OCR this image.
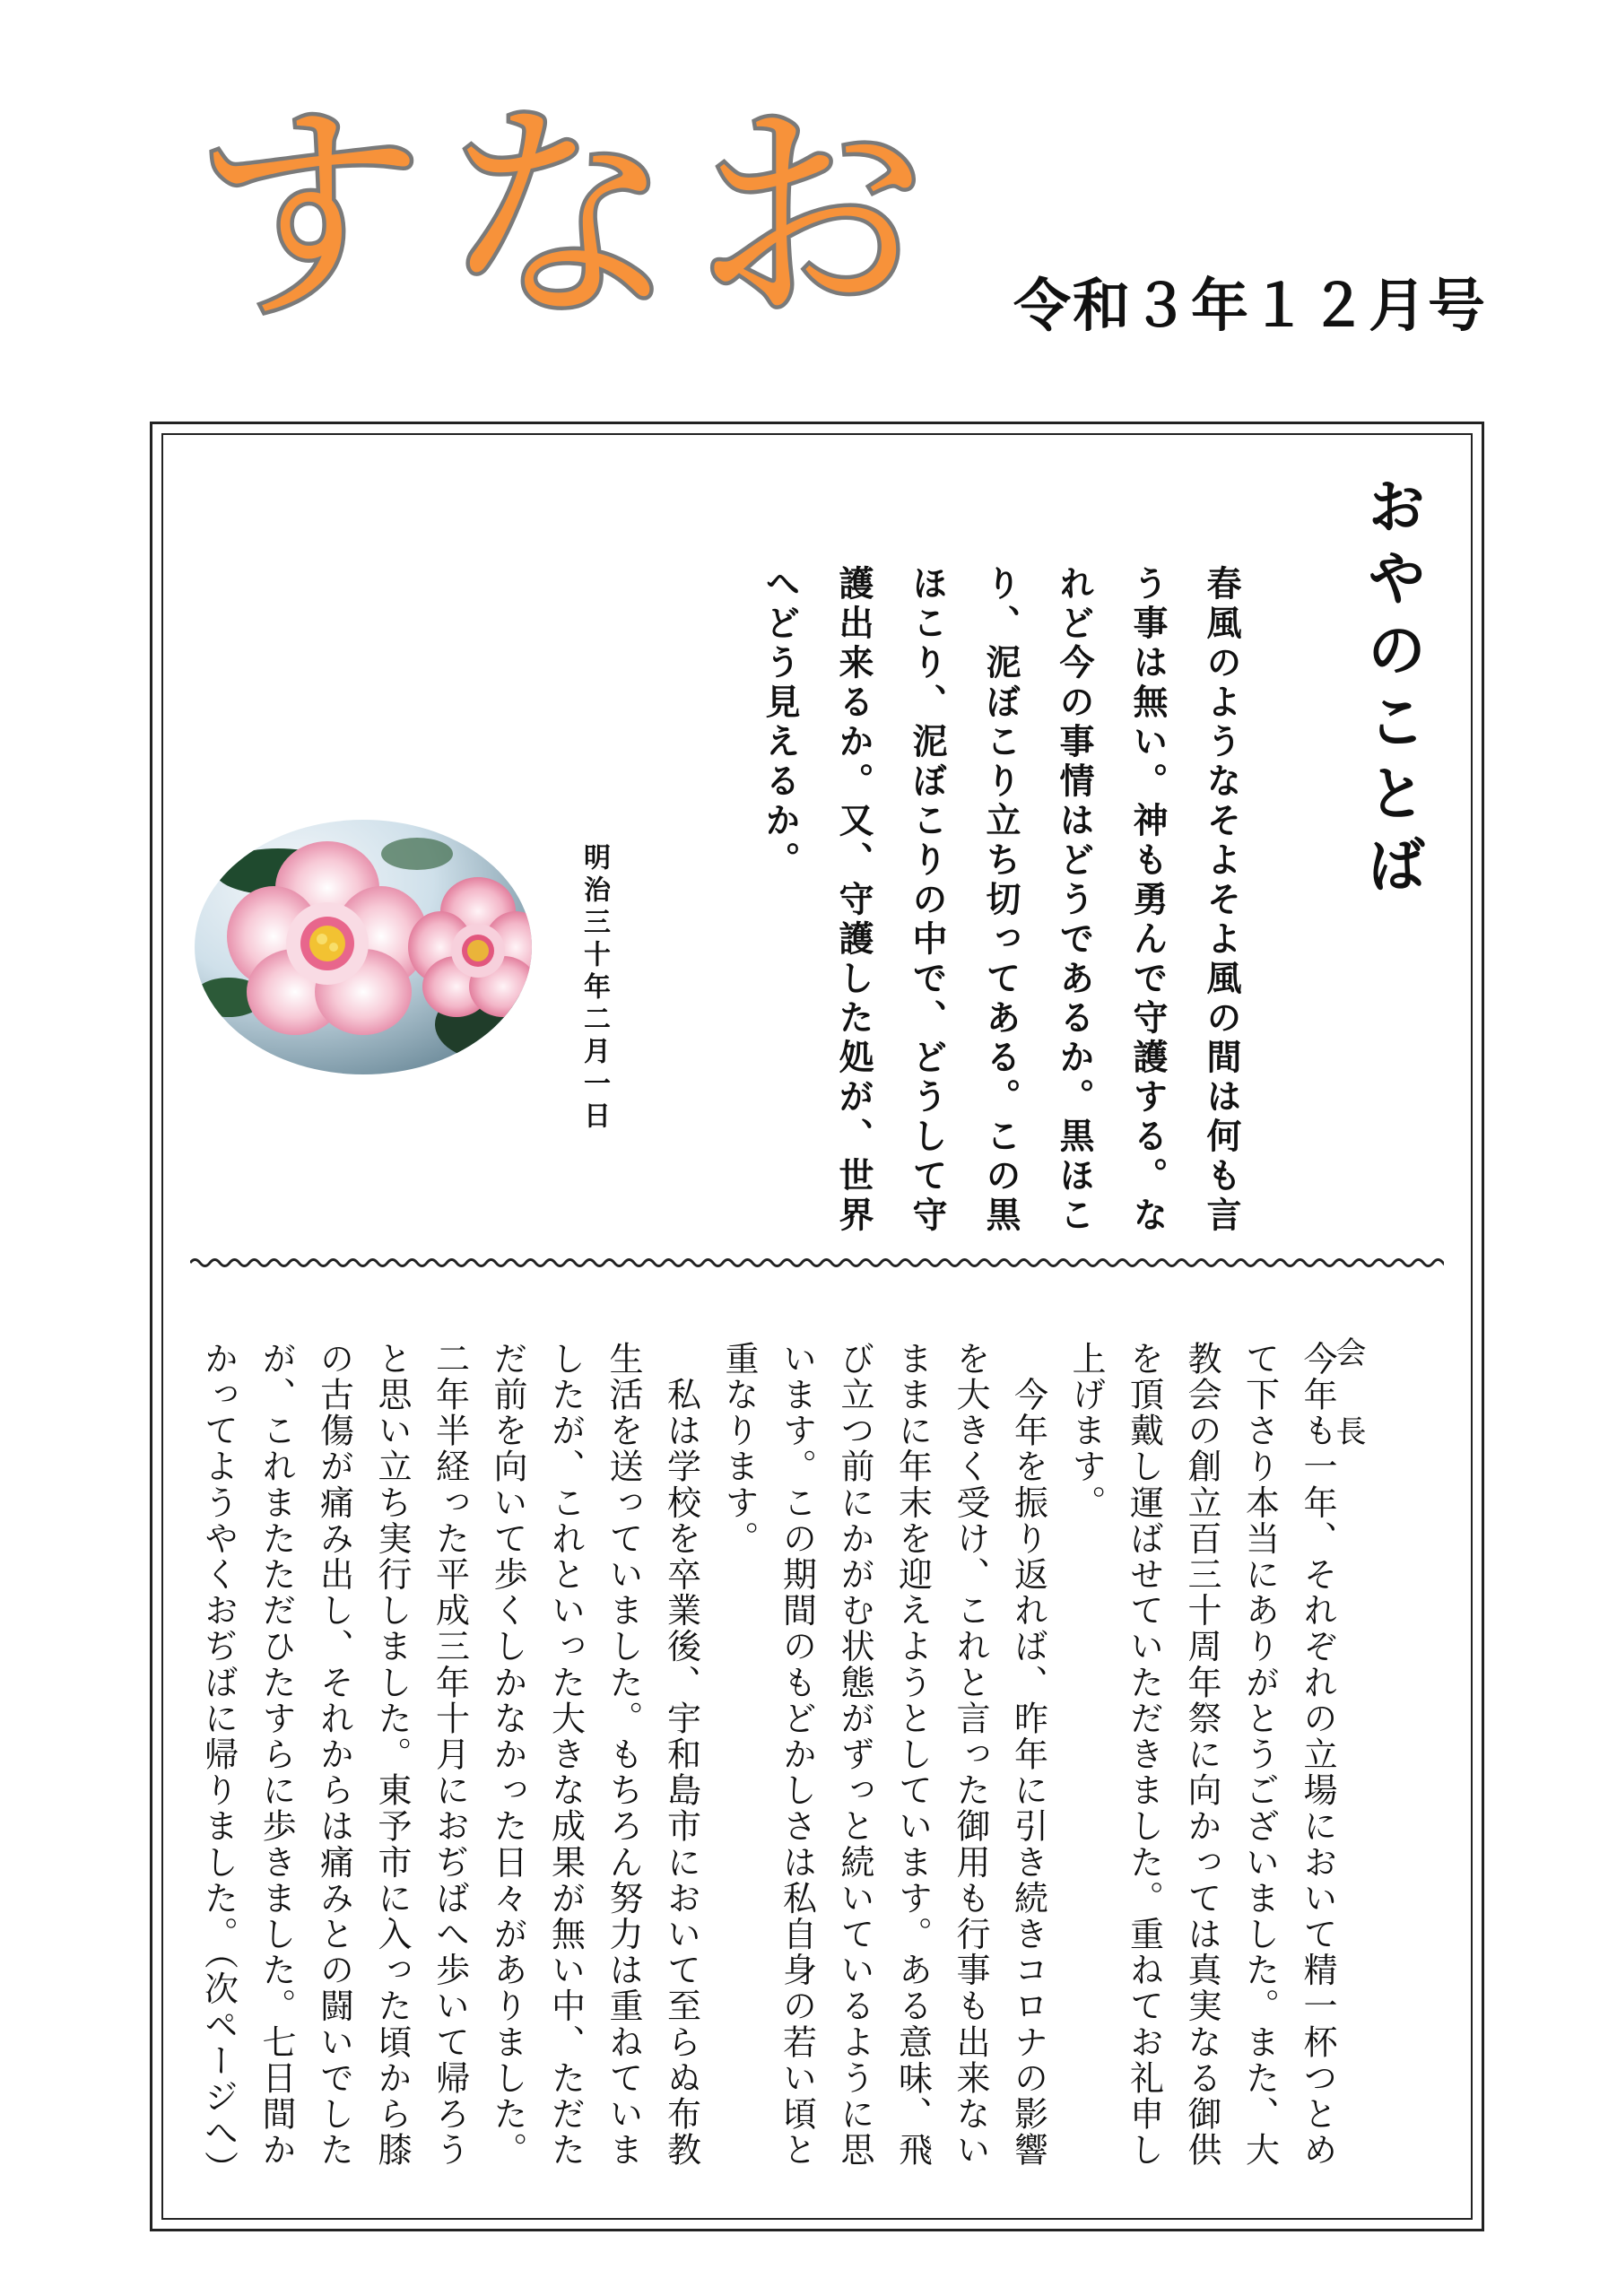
すなお 令和３年１２月号
おやのことば
春風のようなそよそよ風の間は何も言う事は無い。神も勇んで守護する。なれど今の事情はどうであるか。黒ほこり、泥ぼこり立ち切ってある。この黒ほこり、泥ぼこりの中で、どうして守護出来るか。又、守護した処が、世界へどう見えるか。
明治三十年二月一日
会長

今年も一年、それぞれの立場において精一杯つとめて下さり本当にありがとうございました。また、大教会の創立百三十周年祭に向かっては真実なる御供を頂戴し運ばせていただきました。重ねてお礼申し上げます。

　今年を振り返れば、昨年に引き続きコロナの影響を大きく受け、これと言った御用も行事も出来ないままに年末を迎えようとしています。ある意味、飛び立つ前にかがむ状態がずっと続いているように思います。この期間のもどかしさは私自身の若い頃と重なります。

　私は学校を卒業後、宇和島市において至らぬ布教生活を送っていました。もちろん努力は重ねていましたが、これといった大きな成果が無い中、ただただ前を向いて歩くしかなかった日々がありました。二年半経った平成三年十月におぢばへ歩いて帰ろうと思い立ち実行しました。東予市に入った頃から膝の古傷が痛み出し、それからは痛みとの闘いでしたが、これまたただひたすらに歩きました。七日間かかってようやくおぢばに帰りました。（次ページへ）
